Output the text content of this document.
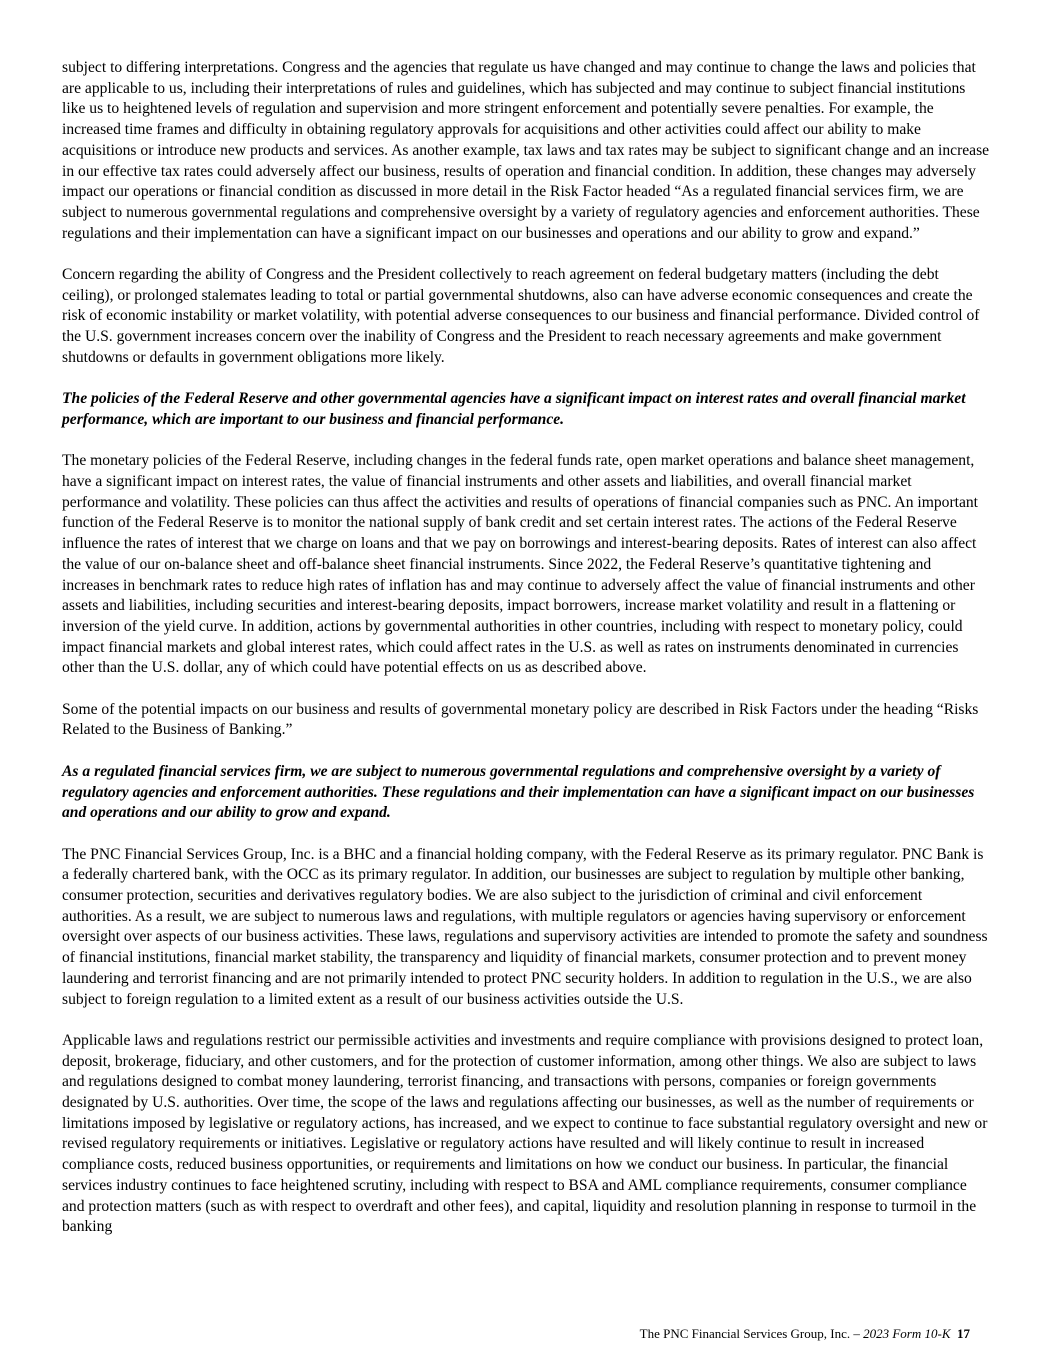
subject to differing interpretations. Congress and the agencies that regulate us have changed and may continue to change the laws and policies that are applicable to us, including their interpretations of rules and guidelines, which has subjected and may continue to subject financial institutions like us to heightened levels of regulation and supervision and more stringent enforcement and potentially severe penalties. For example, the increased time frames and difficulty in obtaining regulatory approvals for acquisitions and other activities could affect our ability to make acquisitions or introduce new products and services. As another example, tax laws and tax rates may be subject to significant change and an increase in our effective tax rates could adversely affect our business, results of operation and financial condition. In addition, these changes may adversely impact our operations or financial condition as discussed in more detail in the Risk Factor headed “As a regulated financial services firm, we are subject to numerous governmental regulations and comprehensive oversight by a variety of regulatory agencies and enforcement authorities. These regulations and their implementation can have a significant impact on our businesses and operations and our ability to grow and expand.”

Concern regarding the ability of Congress and the President collectively to reach agreement on federal budgetary matters (including the debt ceiling), or prolonged stalemates leading to total or partial governmental shutdowns, also can have adverse economic consequences and create the risk of economic instability or market volatility, with potential adverse consequences to our business and financial performance. Divided control of the U.S. government increases concern over the inability of Congress and the President to reach necessary agreements and make government shutdowns or defaults in government obligations more likely.

The policies of the Federal Reserve and other governmental agencies have a significant impact on interest rates and overall financial market performance, which are important to our business and financial performance.

The monetary policies of the Federal Reserve, including changes in the federal funds rate, open market operations and balance sheet management, have a significant impact on interest rates, the value of financial instruments and other assets and liabilities, and overall financial market performance and volatility. These policies can thus affect the activities and results of operations of financial companies such as PNC. An important function of the Federal Reserve is to monitor the national supply of bank credit and set certain interest rates. The actions of the Federal Reserve influence the rates of interest that we charge on loans and that we pay on borrowings and interest-bearing deposits. Rates of interest can also affect the value of our on-balance sheet and off-balance sheet financial instruments. Since 2022, the Federal Reserve’s quantitative tightening and increases in benchmark rates to reduce high rates of inflation has and may continue to adversely affect the value of financial instruments and other assets and liabilities, including securities and interest-bearing deposits, impact borrowers, increase market volatility and result in a flattening or inversion of the yield curve. In addition, actions by governmental authorities in other countries, including with respect to monetary policy, could impact financial markets and global interest rates, which could affect rates in the U.S. as well as rates on instruments denominated in currencies other than the U.S. dollar, any of which could have potential effects on us as described above.

Some of the potential impacts on our business and results of governmental monetary policy are described in Risk Factors under the heading “Risks Related to the Business of Banking.”

As a regulated financial services firm, we are subject to numerous governmental regulations and comprehensive oversight by a variety of regulatory agencies and enforcement authorities. These regulations and their implementation can have a significant impact on our businesses and operations and our ability to grow and expand.

The PNC Financial Services Group, Inc. is a BHC and a financial holding company, with the Federal Reserve as its primary regulator. PNC Bank is a federally chartered bank, with the OCC as its primary regulator. In addition, our businesses are subject to regulation by multiple other banking, consumer protection, securities and derivatives regulatory bodies. We are also subject to the jurisdiction of criminal and civil enforcement authorities. As a result, we are subject to numerous laws and regulations, with multiple regulators or agencies having supervisory or enforcement oversight over aspects of our business activities. These laws, regulations and supervisory activities are intended to promote the safety and soundness of financial institutions, financial market stability, the transparency and liquidity of financial markets, consumer protection and to prevent money laundering and terrorist financing and are not primarily intended to protect PNC security holders. In addition to regulation in the U.S., we are also subject to foreign regulation to a limited extent as a result of our business activities outside the U.S.

Applicable laws and regulations restrict our permissible activities and investments and require compliance with provisions designed to protect loan, deposit, brokerage, fiduciary, and other customers, and for the protection of customer information, among other things. We also are subject to laws and regulations designed to combat money laundering, terrorist financing, and transactions with persons, companies or foreign governments designated by U.S. authorities. Over time, the scope of the laws and regulations affecting our businesses, as well as the number of requirements or limitations imposed by legislative or regulatory actions, has increased, and we expect to continue to face substantial regulatory oversight and new or revised regulatory requirements or initiatives. Legislative or regulatory actions have resulted and will likely continue to result in increased compliance costs, reduced business opportunities, or requirements and limitations on how we conduct our business. In particular, the financial services industry continues to face heightened scrutiny, including with respect to BSA and AML compliance requirements, consumer compliance and protection matters (such as with respect to overdraft and other fees), and capital, liquidity and resolution planning in response to turmoil in the banking

The PNC Financial Services Group, Inc. – 2023 Form 10-K 17
